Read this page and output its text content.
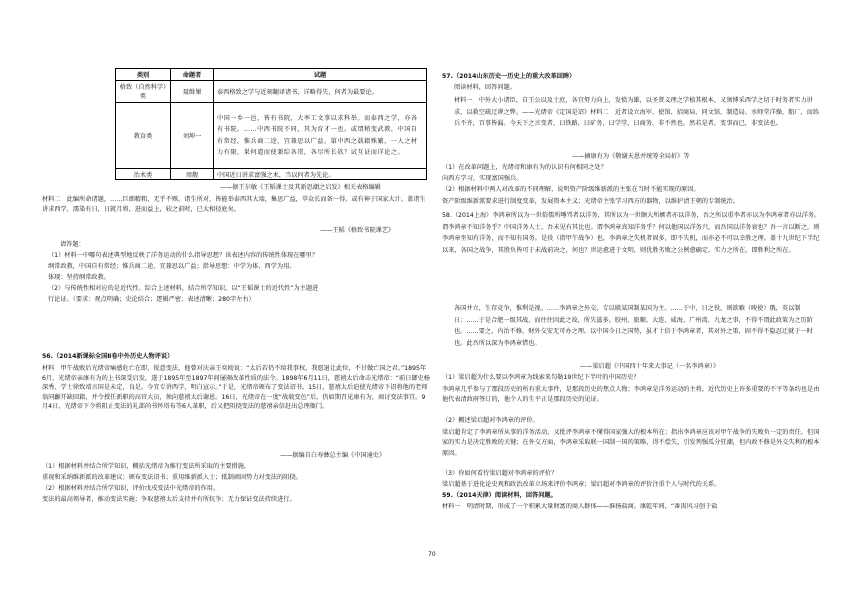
类别	命题者	试题
格致（自然科学）类	聂缉槼	泰西格致之学与近刻翻译诸书，详略得失，何者为最要论。
教育类	刘坤一	中国一乡一邑，皆有书院，大率工文事以求科举。而泰西之学，亦各有书院，……中西书院不同，其为育才一也。或谓稍变武教，中国自有常经，惟兵商二途，宜兼思以广益。第中西之载籍殊繁，一人之材力有限，果何道而使兼综各贯，各尽所长欤？试互证而详论之。
治术类	周馥	中国近日讲求富强之术，当以何者为先论。
——据王尔敏《王韬课士及其新思潮之启发》相关表格编辑
材料二　此编所命诸题，……巨细精粗，无乎不赅。诸生所对，皆能举泰西其大端，集思广益，萃众长而备一得。或有神于国家大计。盖诸生讲求西学，濡染有日，日就月将，进而益上，较之前时，已大相径庭矣。
——王韬《格致书院课艺》
请答题：
（1）材料一中哪句表述典型地反映了洋务运动的什么指导思想？该表述内容的传统性体现在哪里？
纲常政教，中国自有常经；惟兵商二途，宜兼思以广益；指导思想：中学为体，西学为用。
体现：坚持纲常政教。
（2）与传统性相对应的是近代性。综合上述材料，结合所学知识，以“王韬课士的近代性”为主题进
行论证。（要求：观点明确；史论结合；逻辑严密；表述清晰；280字左右）
56.（2014新课标全国Ⅱ卷中外历史人物评说）
材料　甲午战败后光绪帝痛感危亡在即，锐意变法，他曾对庆亲王奕劻说：“太后若仍不给我事权，我愿退让此位，不甘做亡国之君。”1895年6月，光绪帝亲康有为的上书深受启发，遂于1895年至1897年间屡颁改革性质的法令。1898年6月11日，慈禧太后命击光绪帝：“前日御史杨深秀、学士徐致靖言国是未定，良是。今宜专讲西学，明白宣示。”于是，光绪帝颁布了变法诏书。15日，慈禧太后迫使光绪帝下诏将他的老师翁同龢开缺回籍，并令授任新职的高官大员，须向慈禧太后谢恩。16日，光绪帝在一度“战兢变色”后，仍如期召见康有为，商讨变法事宜。9月4日，光绪帝下令将阻止变法的礼部尚书怀塔布等6人革职，后又把阻挠变法的慈禧亲信赶出总理衙门。
——据编自白寿彝总主编《中国通史》
（1）根据材料并结合所学知识，概括光绪帝为推行变法所采取的主要措施。
重视和采纳维新派的改革建议；颁布变法诏书；重用维新派人士；抵制顽固势力对变法的阻挠。
（2）根据材料并结合所学知识，评价戊戌变法中光绪帝的作用。
变法的最高领导者，推动变法实施；争取慈禧太后支持并有所抗争；无力保证变法持续进行。
57.（2014山东历史一历史上的重大改革回眸）
阅读材料，回答问题。
材料一　中外大小诸臣，自王公以及士庶，各宜努力向上，发愤为雄，以圣贤义理之学植其根本，又须博采西学之切于时务者实力讲求，以救空疏迂谬之弊。——光绪帝《定国是诏》材料二　近者设立海军、使馆、招商局、同文馆、制造局、水师堂洋操，船厂，而练兵不齐，百事皆漏。今天下之言变者，曰铁路，曰矿务，曰学堂，曰商务，非不然也。然若是者，变事而已，非变法也。
——摘康有为《敬谢天恩并统筹全局折》等
（1）在改革问题上，光绪帝和康有为的认识有何相同之处？
向西方学习，实现富国强兵。
（2）根据材料中两人对改革的不同理解，说明资产阶级维新派的主张在当时不能实现的原因。
资产阶级维新派要求进行制度变革，发展资本主义；光绪帝主张学习西方的器物，以维护清王朝的专制统治。
58.（2014上海）李鸿章所以为一世俗儒所唾骂者以洋务，其所以为一世颇大所嫉者亦以洋务，吾之所以重李者亦以为李鸿章者亦以洋务。谓李鸿章不知洋务乎？中国洋务人士，吾未见有其比也。谓李鸿章真知洋务乎？何以他国以洋务兴，而吾国以洋务衰也？吾一言以断之，则李鸿章坐知有洋务，而不知有国务。是役（指甲午战争）也，李鸿章之失机者固多，即不失机，而亦必不可以幸胜之理。盖十九世纪下半纪以来，各国之战争，其胜负皆可于未战前决之，何也？世运愈进于文明，则优胜劣败之公例愈确定。实力之所在，即胜利之所在。
各国并立，生存竞争，惟利是视。……李鸿章之外交，专以联某国制某国为主。……于中，日之役，则欲嗾（唆使）俄，英以制日；……于是合肥一级其战，而往往因此之故，所失滋多。胶州、旅顺、大连、威海、广州湾、九龙之事，不得不谓此政策为之历阶也。……要之，内治不修，财外交安无可办之理。以中国今日之国势，虽才十倍于李鸿章者，其对外之策，固不得不隐忍迁就于一时也。此吾所以深为李鸿章惜也。
——梁启超《中国四十年来大事记（一名李鸿章）》
（1）梁启超为什么要以李鸿章为线索来勾勒19世纪下半叶的中国历史？
李鸿章几乎参与了那段历史的所有重大事件，是那段历史的焦点人物；李鸿章是洋务运动的主将，近代历史上许多重要的不平等条约也是由他代表清政府签订的，他个人的生平正是那段历史的见证。
（2）概述梁启超对李鸿章的评价。
梁启超肯定了李鸿章所从事的洋务活动，又批评李鸿章不懂得国家强大的根本所在；指出李鸿章应该对甲午战争的失败负一定的责任，但国家的实力是决定胜败的关键；在外交方面，李鸿章采取联一国制一国的策略，得不偿失，引发列强瓜分狂潮，但内政不修是外交失利的根本原因。
（3）你如何看待梁启超对李鸿章的评价？
梁启超基于进化论史观和政治改革立场来评价李鸿章；梁启超对李鸿章的评价注重个人与时代的关系。
59.（2014天津）阅读材料，回答问题。
材料一　明清时期，形成了一个积累大量财富的商人群体——淮扬盐商。康乾年间，“番禺风习创于盐
70
